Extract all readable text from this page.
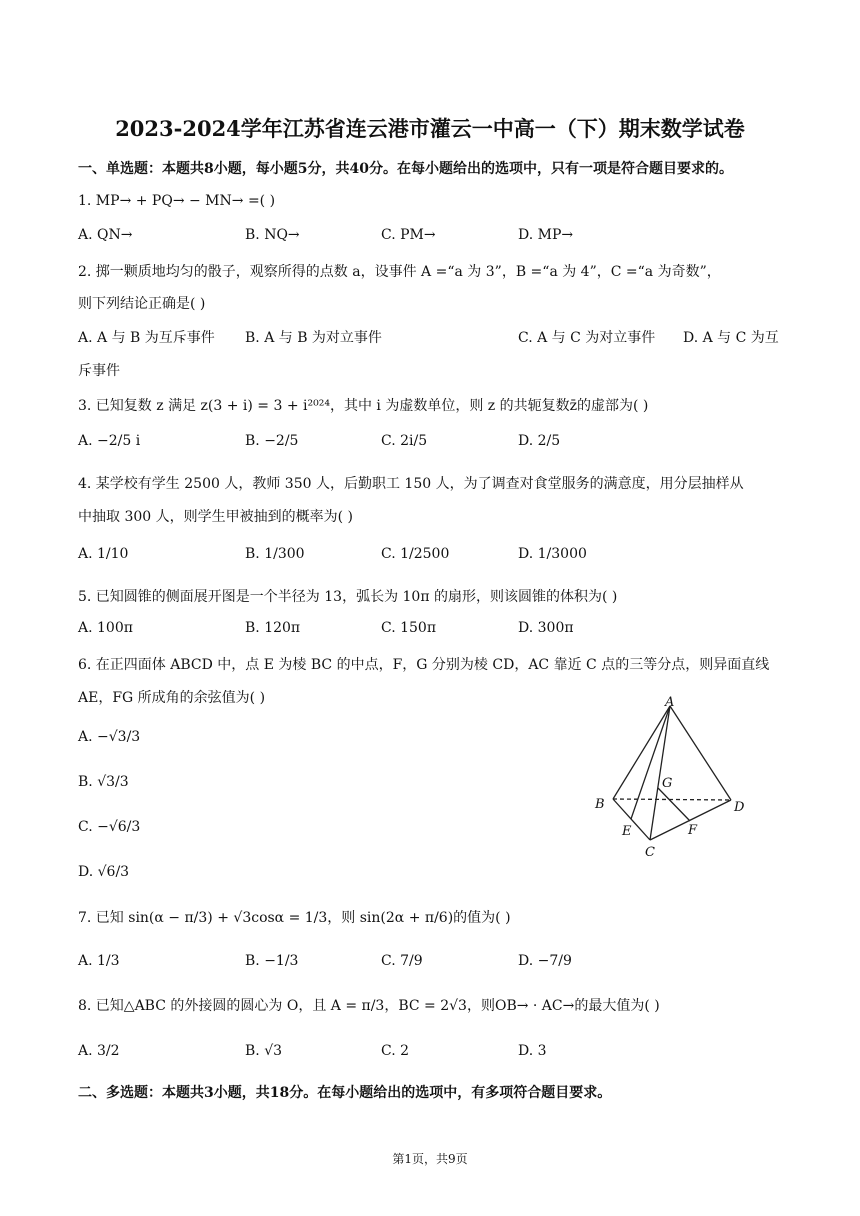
2023-2024学年江苏省连云港市灌云一中高一（下）期末数学试卷
一、单选题：本题共8小题，每小题5分，共40分。在每小题给出的选项中，只有一项是符合题目要求的。
1. MP→ + PQ→ − MN→ =( )
A. QN→	B. NQ→	C. PM→	D. MP→
2. 掷一颗质地均匀的骰子，观察所得的点数 a，设事件 A =“a 为 3”，B =“a 为 4”，C =“a 为奇数”，
则下列结论正确是( )
A. A 与 B 为互斥事件 B. A 与 B 为对立事件	C. A 与 C 为对立事件 D. A 与 C 为互
斥事件
3. 已知复数 z 满足 z(3 + i) = 3 + i²⁰²⁴，其中 i 为虚数单位，则 z 的共轭复数z̄的虚部为( )
A. −2/5 i	B. −2/5	C. 2i/5	D. 2/5
4. 某学校有学生 2500 人，教师 350 人，后勤职工 150 人，为了调查对食堂服务的满意度，用分层抽样从
中抽取 300 人，则学生甲被抽到的概率为( )
A. 1/10	B. 1/300	C. 1/2500	D. 1/3000
5. 已知圆锥的侧面展开图是一个半径为 13，弧长为 10π 的扇形，则该圆锥的体积为( )
A. 100π	B. 120π	C. 150π	D. 300π
6. 在正四面体 ABCD 中，点 E 为棱 BC 的中点，F，G 分别为棱 CD，AC 靠近 C 点的三等分点，则异面直线
AE，FG 所成角的余弦值为( )
A. −√3/3
B. √3/3
C. −√6/3
D. √6/3
A
B
C
D
E	F
G
7. 已知 sin(α − π/3) + √3cosα = 1/3，则 sin(2α + π/6)的值为( )
A. 1/3	B. −1/3	C. 7/9	D. −7/9
8. 已知△ABC 的外接圆的圆心为 O，且 A = π/3，BC = 2√3，则OB→ · AC→的最大值为( )
A. 3/2	B. √3	C. 2	D. 3
二、多选题：本题共3小题，共18分。在每小题给出的选项中，有多项符合题目要求。
第1页，共9页
